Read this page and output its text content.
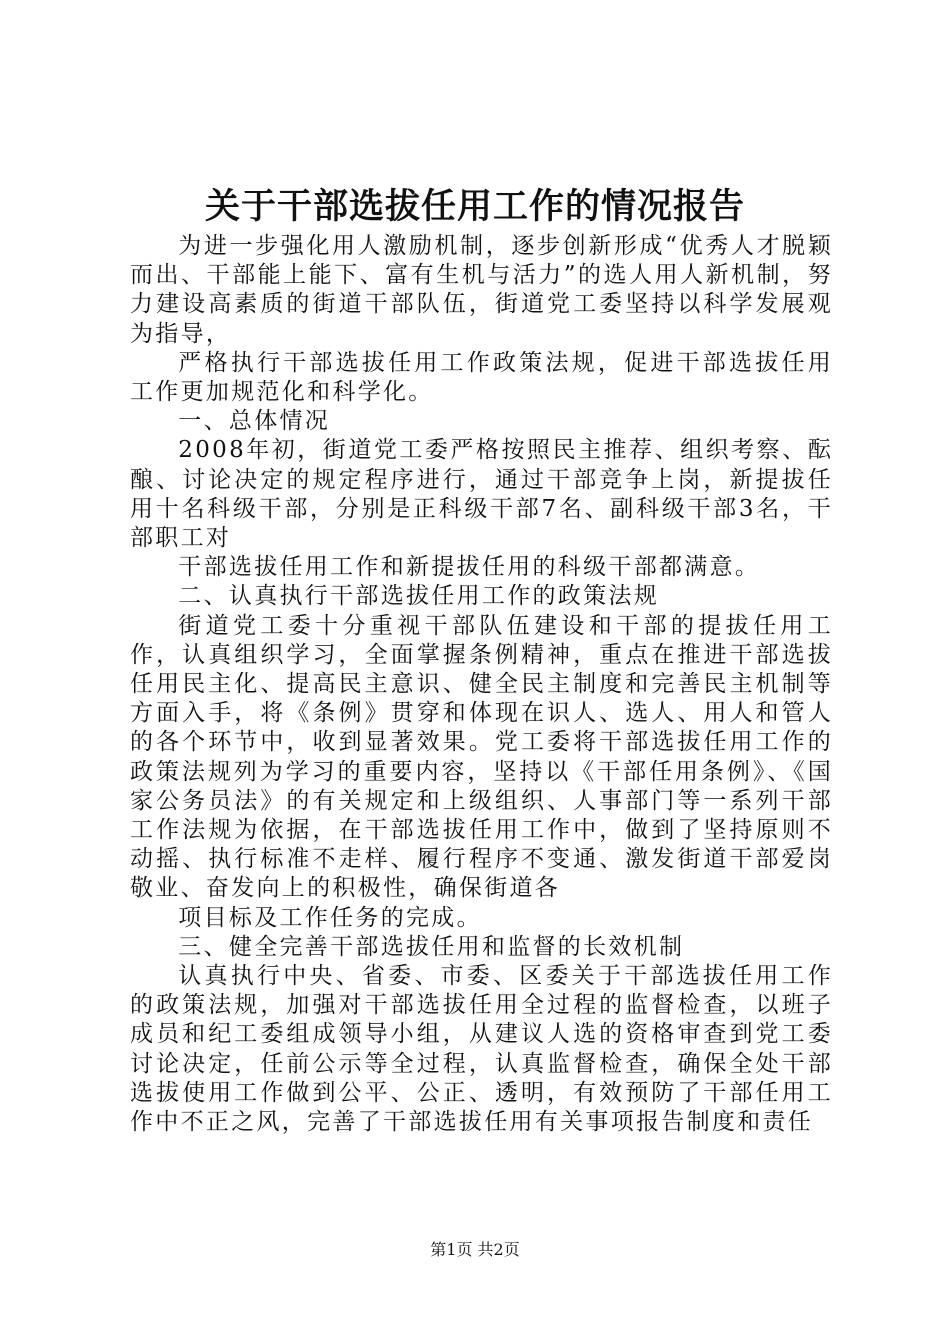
关于干部选拔任用工作的情况报告

为进一步强化用人激励机制，逐步创新形成“优秀人才脱颖而出、干部能上能下、富有生机与活力”的选人用人新机制，努力建设高素质的街道干部队伍，街道党工委坚持以科学发展观为指导，

严格执行干部选拔任用工作政策法规，促进干部选拔任用工作更加规范化和科学化。

一、总体情况

2008年初，街道党工委严格按照民主推荐、组织考察、酝酿、讨论决定的规定程序进行，通过干部竞争上岗，新提拔任用十名科级干部，分别是正科级干部7名、副科级干部3名，干部职工对

干部选拔任用工作和新提拔任用的科级干部都满意。

二、认真执行干部选拔任用工作的政策法规

街道党工委十分重视干部队伍建设和干部的提拔任用工作，认真组织学习，全面掌握条例精神，重点在推进干部选拔任用民主化、提高民主意识、健全民主制度和完善民主机制等方面入手，将《条例》贯穿和体现在识人、选人、用人和管人的各个环节中，收到显著效果。党工委将干部选拔任用工作的政策法规列为学习的重要内容，坚持以《干部任用条例》、《国家公务员法》的有关规定和上级组织、人事部门等一系列干部工作法规为依据，在干部选拔任用工作中，做到了坚持原则不动摇、执行标准不走样、履行程序不变通、激发街道干部爱岗敬业、奋发向上的积极性，确保街道各

项目标及工作任务的完成。

三、健全完善干部选拔任用和监督的长效机制

认真执行中央、省委、市委、区委关于干部选拔任用工作的政策法规，加强对干部选拔任用全过程的监督检查，以班子成员和纪工委组成领导小组，从建议人选的资格审查到党工委讨论决定，任前公示等全过程，认真监督检查，确保全处干部选拔使用工作做到公平、公正、透明，有效预防了干部任用工作中不正之风，完善了干部选拔任用有关事项报告制度和责任

第1页 共2页
